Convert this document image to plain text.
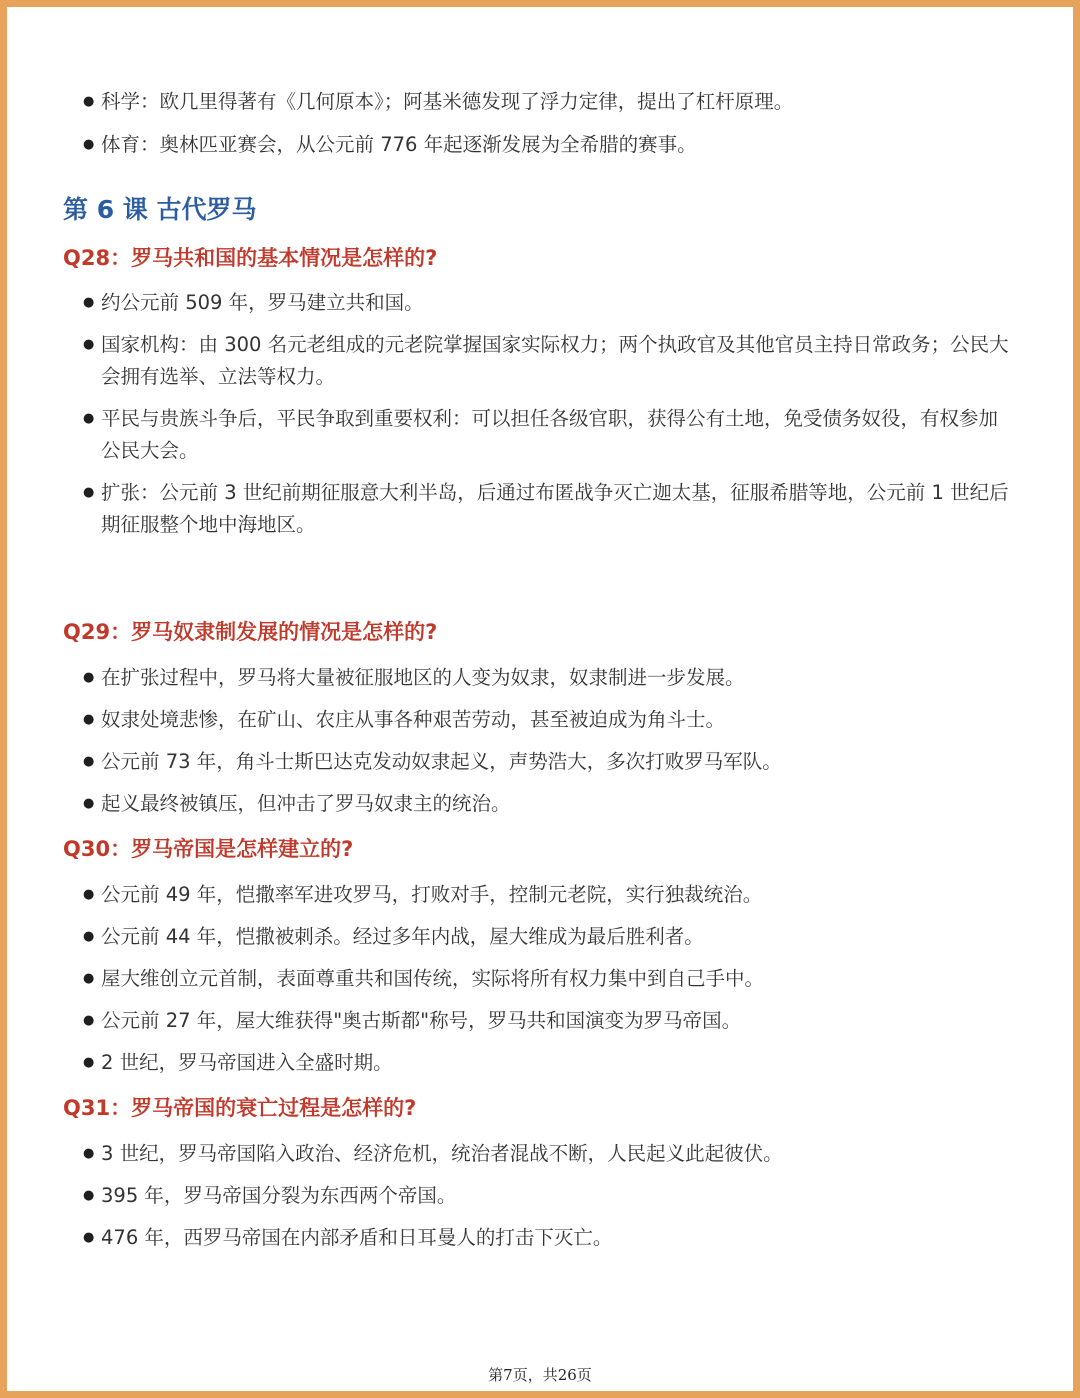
● 科学：欧几里得著有《几何原本》；阿基米德发现了浮力定律，提出了杠杆原理。
● 体育：奥林匹亚赛会，从公元前 776 年起逐渐发展为全希腊的赛事。
第 6 课 古代罗马
Q28：罗马共和国的基本情况是怎样的?
● 约公元前 509 年，罗马建立共和国。
● 国家机构：由 300 名元老组成的元老院掌握国家实际权力；两个执政官及其他官员主持日常政务；公民大会拥有选举、立法等权力。
● 平民与贵族斗争后，平民争取到重要权利：可以担任各级官职，获得公有土地，免受债务奴役，有权参加公民大会。
● 扩张：公元前 3 世纪前期征服意大利半岛，后通过布匿战争灭亡迦太基，征服希腊等地，公元前 1 世纪后期征服整个地中海地区。
Q29：罗马奴隶制发展的情况是怎样的?
● 在扩张过程中，罗马将大量被征服地区的人变为奴隶，奴隶制进一步发展。
● 奴隶处境悲惨，在矿山、农庄从事各种艰苦劳动，甚至被迫成为角斗士。
● 公元前 73 年，角斗士斯巴达克发动奴隶起义，声势浩大，多次打败罗马军队。
● 起义最终被镇压，但冲击了罗马奴隶主的统治。
Q30：罗马帝国是怎样建立的?
● 公元前 49 年，恺撒率军进攻罗马，打败对手，控制元老院，实行独裁统治。
● 公元前 44 年，恺撒被刺杀。经过多年内战，屋大维成为最后胜利者。
● 屋大维创立元首制，表面尊重共和国传统，实际将所有权力集中到自己手中。
● 公元前 27 年，屋大维获得"奥古斯都"称号，罗马共和国演变为罗马帝国。
● 2 世纪，罗马帝国进入全盛时期。
Q31：罗马帝国的衰亡过程是怎样的?
● 3 世纪，罗马帝国陷入政治、经济危机，统治者混战不断，人民起义此起彼伏。
● 395 年，罗马帝国分裂为东西两个帝国。
● 476 年，西罗马帝国在内部矛盾和日耳曼人的打击下灭亡。
第7页，共26页
